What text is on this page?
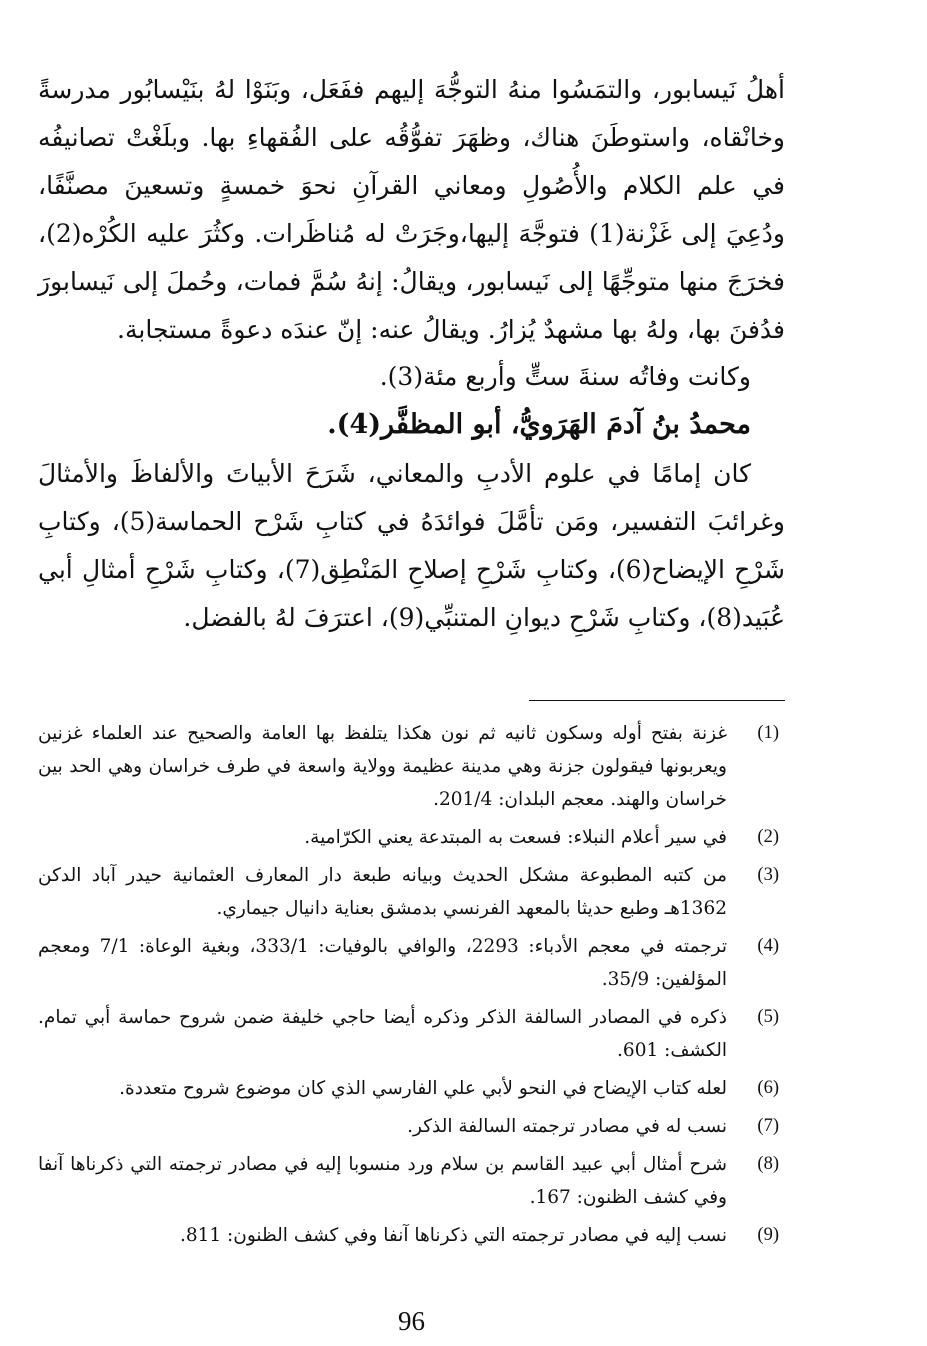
أهلُ نَيسابور، والتمَسُوا منهُ التوجُّهَ إليهم ففَعَل، وبَنَوْا لهُ بنَيْسابُور مدرسةً وخانْقاه، واستوطَنَ هناك، وظهَرَ تفوُّقُه على الفُقهاءِ بها. وبلَغْتْ تصانيفُه في علم الكلام والأُصُولِ ومعاني القرآنِ نحوَ خمسةٍ وتسعينَ مصنَّفًا، ودُعِيَ إلى غَزْنة(1) فتوجَّهَ إليها،وجَرَتْ له مُناظَرات. وكثُرَ عليه الكُرْه(2)، فخرَجَ منها متوجِّهًا إلى نَيسابور، ويقالُ: إنهُ سُمَّ فمات، وحُملَ إلى نَيسابورَ فدُفنَ بها، ولهُ بها مشهدٌ يُزارُ. ويقالُ عنه: إنّ عندَه دعوةً مستجابة.

وكانت وفاتُه سنةَ ستٍّ وأربع مئة(3).

محمدُ بنُ آدمَ الهَرَويُّ، أبو المظفَّر(4).

كان إمامًا في علوم الأدبِ والمعاني، شَرَحَ الأبياتَ والألفاظَ والأمثالَ وغرائبَ التفسير، ومَن تأمَّلَ فوائدَهُ في كتابِ شَرْح الحماسة(5)، وكتابِ شَرْحِ الإيضاح(6)، وكتابِ شَرْحِ إصلاحِ المَنْطِق(7)، وكتابِ شَرْحِ أمثالِ أبي عُبَيد(8)، وكتابِ شَرْحِ ديوانِ المتنبِّي(9)، اعترَفَ لهُ بالفضل.

(1)
غزنة بفتح أوله وسكون ثانيه ثم نون هكذا يتلفظ بها العامة والصحيح عند العلماء غزنين ويعربونها فيقولون جزنة وهي مدينة عظيمة وولاية واسعة في طرف خراسان وهي الحد بين خراسان والهند. معجم البلدان: 201/4.
(2)
في سير أعلام النبلاء: فسعت به المبتدعة يعني الكرّامية.
(3)
من كتبه المطبوعة مشكل الحديث وبيانه طبعة دار المعارف العثمانية حيدر آباد الدكن 1362هـ وطبع حديثا بالمعهد الفرنسي بدمشق بعناية دانيال جيماري.
(4)
ترجمته في معجم الأدباء: 2293، والوافي بالوفيات: 333/1، وبغية الوعاة: 7/1 ومعجم المؤلفين: 35/9.
(5)
ذكره في المصادر السالفة الذكر وذكره أيضا حاجي خليفة ضمن شروح حماسة أبي تمام. الكشف: 601.
(6)
لعله كتاب الإيضاح في النحو لأبي علي الفارسي الذي كان موضوع شروح متعددة.
(7)
نسب له في مصادر ترجمته السالفة الذكر.
(8)
شرح أمثال أبي عبيد القاسم بن سلام ورد منسوبا إليه في مصادر ترجمته التي ذكرناها آنفا وفي كشف الظنون: 167.
(9)
نسب إليه في مصادر ترجمته التي ذكرناها آنفا وفي كشف الظنون: 811.
96
